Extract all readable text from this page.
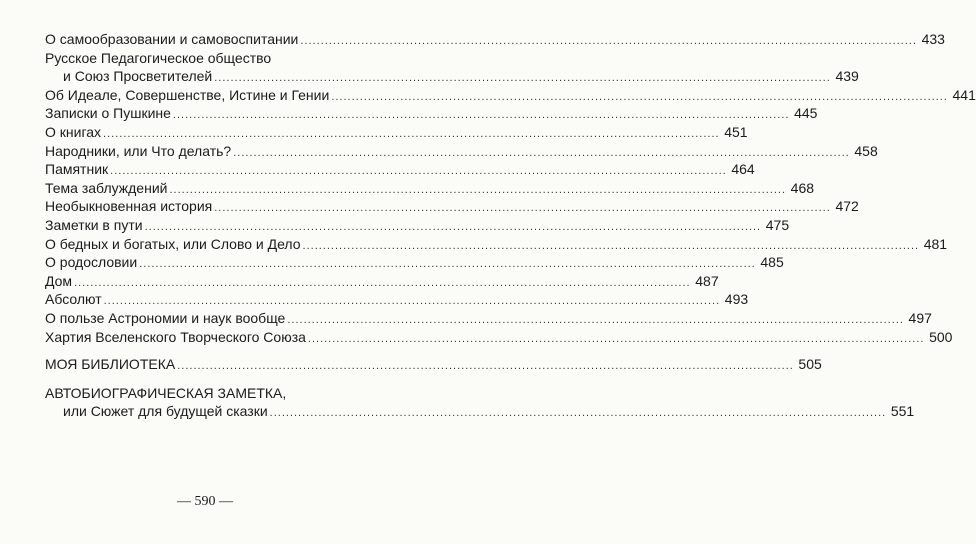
О самообразовании и самовоспитании .....	433
Русское Педагогическое общество
и Союз Просветителей .....	439
Об Идеале, Совершенстве, Истине и Гении .....	441
Записки о Пушкине .....	445
О книгах .....	451
Народники, или Что делать? .....	458
Памятник .....	464
Тема заблуждений .....	468
Необыкновенная история .....	472
Заметки в пути .....	475
О бедных и богатых, или Слово и Дело .....	481
О родословии .....	485
Дом .....	487
Абсолют .....	493
О пользе Астрономии и наук вообще .....	497
Хартия Вселенского Творческого Союза .....	500
МОЯ БИБЛИОТЕКА .....	505
АВТОБИОГРАФИЧЕСКАЯ ЗАМЕТКА,
или Сюжет для будущей сказки .....	551
— 590 —
